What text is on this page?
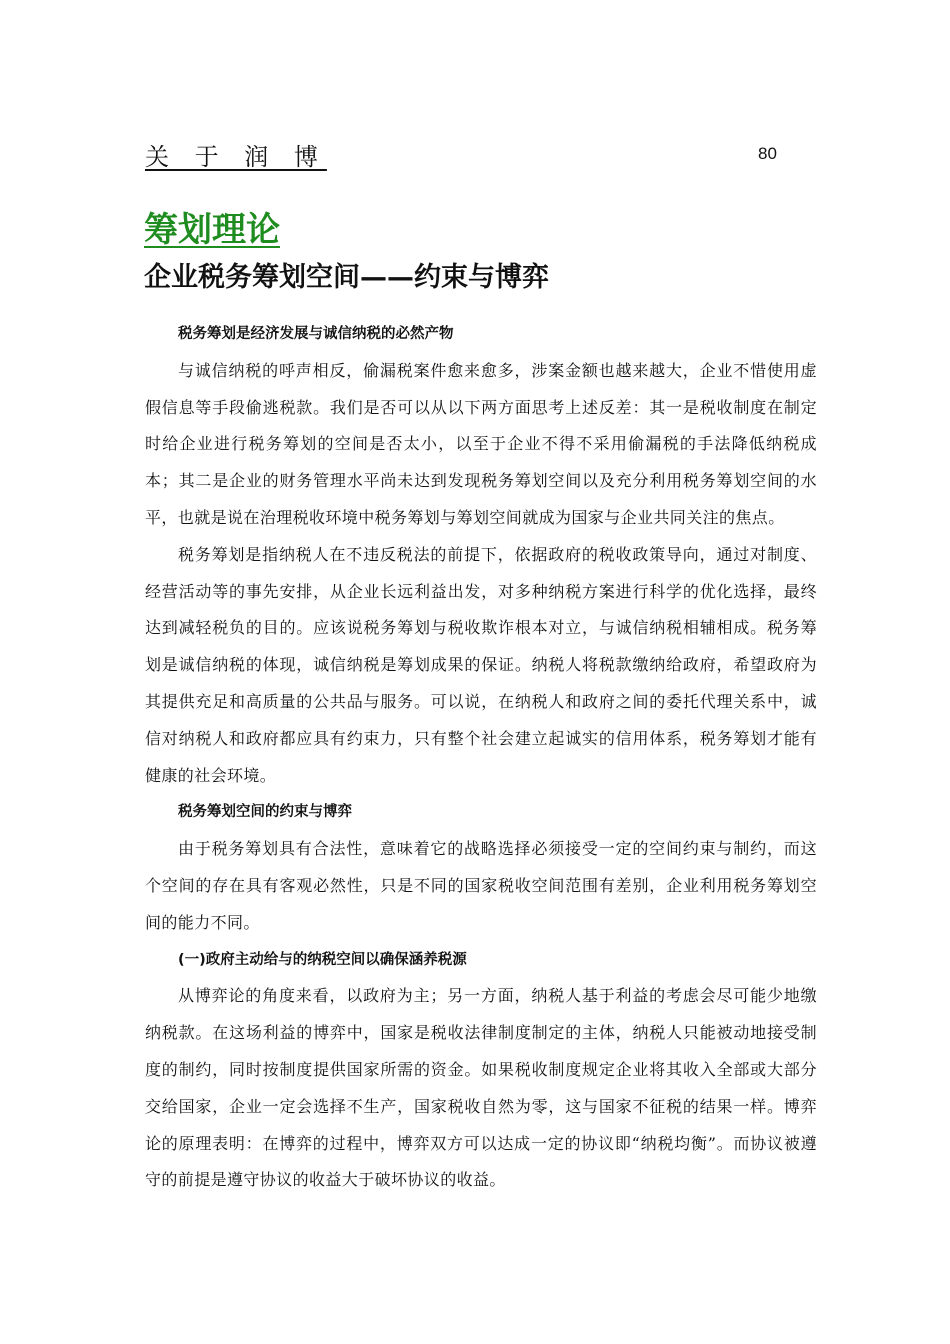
关 于 润 博	80
筹划理论
企业税务筹划空间——约束与博弈

税务筹划是经济发展与诚信纳税的必然产物

与诚信纳税的呼声相反，偷漏税案件愈来愈多，涉案金额也越来越大，企业不惜使用虚假信息等手段偷逃税款。我们是否可以从以下两方面思考上述反差：其一是税收制度在制定时给企业进行税务筹划的空间是否太小，以至于企业不得不采用偷漏税的手法降低纳税成本；其二是企业的财务管理水平尚未达到发现税务筹划空间以及充分利用税务筹划空间的水平，也就是说在治理税收环境中税务筹划与筹划空间就成为国家与企业共同关注的焦点。

税务筹划是指纳税人在不违反税法的前提下，依据政府的税收政策导向，通过对制度、经营活动等的事先安排，从企业长远利益出发，对多种纳税方案进行科学的优化选择，最终达到减轻税负的目的。应该说税务筹划与税收欺诈根本对立，与诚信纳税相辅相成。税务筹划是诚信纳税的体现，诚信纳税是筹划成果的保证。纳税人将税款缴纳给政府，希望政府为其提供充足和高质量的公共品与服务。可以说，在纳税人和政府之间的委托代理关系中，诚信对纳税人和政府都应具有约束力，只有整个社会建立起诚实的信用体系，税务筹划才能有健康的社会环境。

税务筹划空间的约束与博弈

由于税务筹划具有合法性，意味着它的战略选择必须接受一定的空间约束与制约，而这个空间的存在具有客观必然性，只是不同的国家税收空间范围有差别，企业利用税务筹划空间的能力不同。

(一)政府主动给与的纳税空间以确保涵养税源

从博弈论的角度来看，以政府为主；另一方面，纳税人基于利益的考虑会尽可能少地缴纳税款。在这场利益的博弈中，国家是税收法律制度制定的主体，纳税人只能被动地接受制度的制约，同时按制度提供国家所需的资金。如果税收制度规定企业将其收入全部或大部分交给国家，企业一定会选择不生产，国家税收自然为零，这与国家不征税的结果一样。博弈论的原理表明：在博弈的过程中，博弈双方可以达成一定的协议即“纳税均衡”。而协议被遵守的前提是遵守协议的收益大于破坏协议的收益。
